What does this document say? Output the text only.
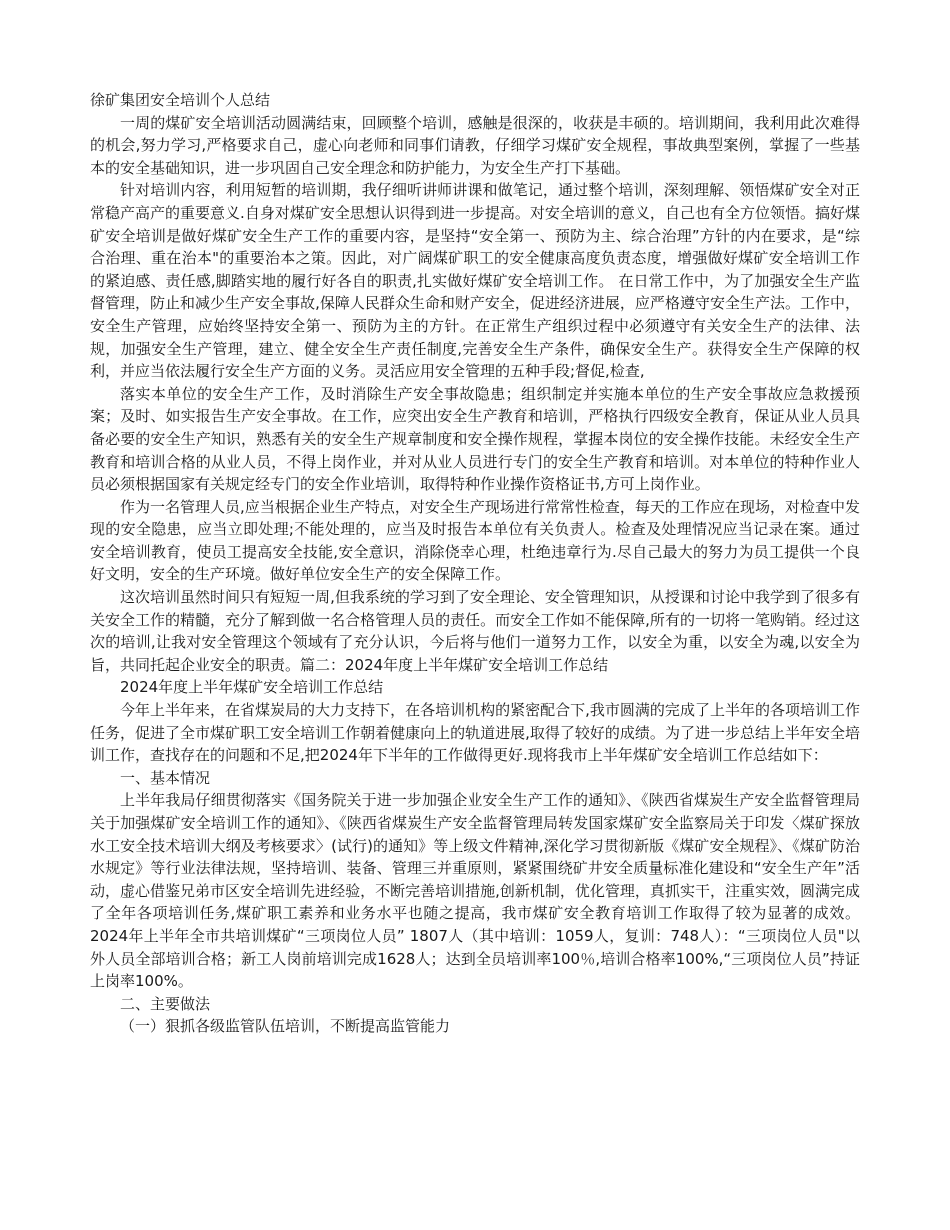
徐矿集团安全培训个人总结

一周的煤矿安全培训活动圆满结束，回顾整个培训，感触是很深的，收获是丰硕的。培训期间，我利用此次难得的机会,努力学习,严格要求自己，虚心向老师和同事们请教，仔细学习煤矿安全规程，事故典型案例，掌握了一些基本的安全基础知识，进一步巩固自己安全理念和防护能力，为安全生产打下基础。

针对培训内容，利用短暂的培训期，我仔细听讲师讲课和做笔记，通过整个培训，深刻理解、领悟煤矿安全对正常稳产高产的重要意义.自身对煤矿安全思想认识得到进一步提高。对安全培训的意义，自己也有全方位领悟。搞好煤矿安全培训是做好煤矿安全生产工作的重要内容，是坚持“安全第一、预防为主、综合治理”方针的内在要求，是“综合治理、重在治本"的重要治本之策。因此，对广阔煤矿职工的安全健康高度负责态度，增强做好煤矿安全培训工作的紧迫感、责任感,脚踏实地的履行好各自的职责,扎实做好煤矿安全培训工作。 在日常工作中，为了加强安全生产监督管理，防止和减少生产安全事故,保障人民群众生命和财产安全，促进经济进展，应严格遵守安全生产法。工作中，安全生产管理，应始终坚持安全第一、预防为主的方针。在正常生产组织过程中必须遵守有关安全生产的法律、法规，加强安全生产管理，建立、健全安全生产责任制度,完善安全生产条件，确保安全生产。获得安全生产保障的权利，并应当依法履行安全生产方面的义务。灵活应用安全管理的五种手段;督促,检查,

落实本单位的安全生产工作，及时消除生产安全事故隐患；组织制定并实施本单位的生产安全事故应急救援预案；及时、如实报告生产安全事故。在工作，应突出安全生产教育和培训，严格执行四级安全教育，保证从业人员具备必要的安全生产知识，熟悉有关的安全生产规章制度和安全操作规程，掌握本岗位的安全操作技能。未经安全生产教育和培训合格的从业人员，不得上岗作业，并对从业人员进行专门的安全生产教育和培训。对本单位的特种作业人员必须根据国家有关规定经专门的安全作业培训，取得特种作业操作资格证书,方可上岗作业。

作为一名管理人员,应当根据企业生产特点，对安全生产现场进行常常性检查，每天的工作应在现场，对检查中发现的安全隐患，应当立即处理;不能处理的，应当及时报告本单位有关负责人。检查及处理情况应当记录在案。通过安全培训教育，使员工提高安全技能,安全意识，消除侥幸心理，杜绝违章行为.尽自己最大的努力为员工提供一个良好文明，安全的生产环境。做好单位安全生产的安全保障工作。

这次培训虽然时间只有短短一周,但我系统的学习到了安全理论、安全管理知识，从授课和讨论中我学到了很多有关安全工作的精髓，充分了解到做一名合格管理人员的责任。而安全工作如不能保障,所有的一切将一笔购销。经过这次的培训,让我对安全管理这个领域有了充分认识，今后将与他们一道努力工作，以安全为重，以安全为魂,以安全为旨，共同托起企业安全的职责。篇二：2024年度上半年煤矿安全培训工作总结

2024年度上半年煤矿安全培训工作总结

今年上半年来，在省煤炭局的大力支持下，在各培训机构的紧密配合下,我市圆满的完成了上半年的各项培训工作任务，促进了全市煤矿职工安全培训工作朝着健康向上的轨道进展,取得了较好的成绩。为了进一步总结上半年安全培训工作，查找存在的问题和不足,把2024年下半年的工作做得更好.现将我市上半年煤矿安全培训工作总结如下：

一、基本情况

上半年我局仔细贯彻落实《国务院关于进一步加强企业安全生产工作的通知》、《陕西省煤炭生产安全监督管理局关于加强煤矿安全培训工作的通知》、《陕西省煤炭生产安全监督管理局转发国家煤矿安全监察局关于印发〈煤矿探放水工安全技术培训大纲及考核要求〉(试行)的通知》等上级文件精神,深化学习贯彻新版《煤矿安全规程》、《煤矿防治水规定》等行业法律法规，坚持培训、装备、管理三并重原则，紧紧围绕矿井安全质量标准化建设和“安全生产年”活动，虚心借鉴兄弟市区安全培训先进经验，不断完善培训措施,创新机制，优化管理，真抓实干，注重实效，圆满完成了全年各项培训任务,煤矿职工素养和业务水平也随之提高，我市煤矿安全教育培训工作取得了较为显著的成效。2024年上半年全市共培训煤矿“三项岗位人员” 1807人（其中培训：1059人，复训：748人）：“三项岗位人员"以外人员全部培训合格；新工人岗前培训完成1628人；达到全员培训率100％,培训合格率100%,“三项岗位人员”持证上岗率100%。

二、主要做法

（一）狠抓各级监管队伍培训，不断提高监管能力
